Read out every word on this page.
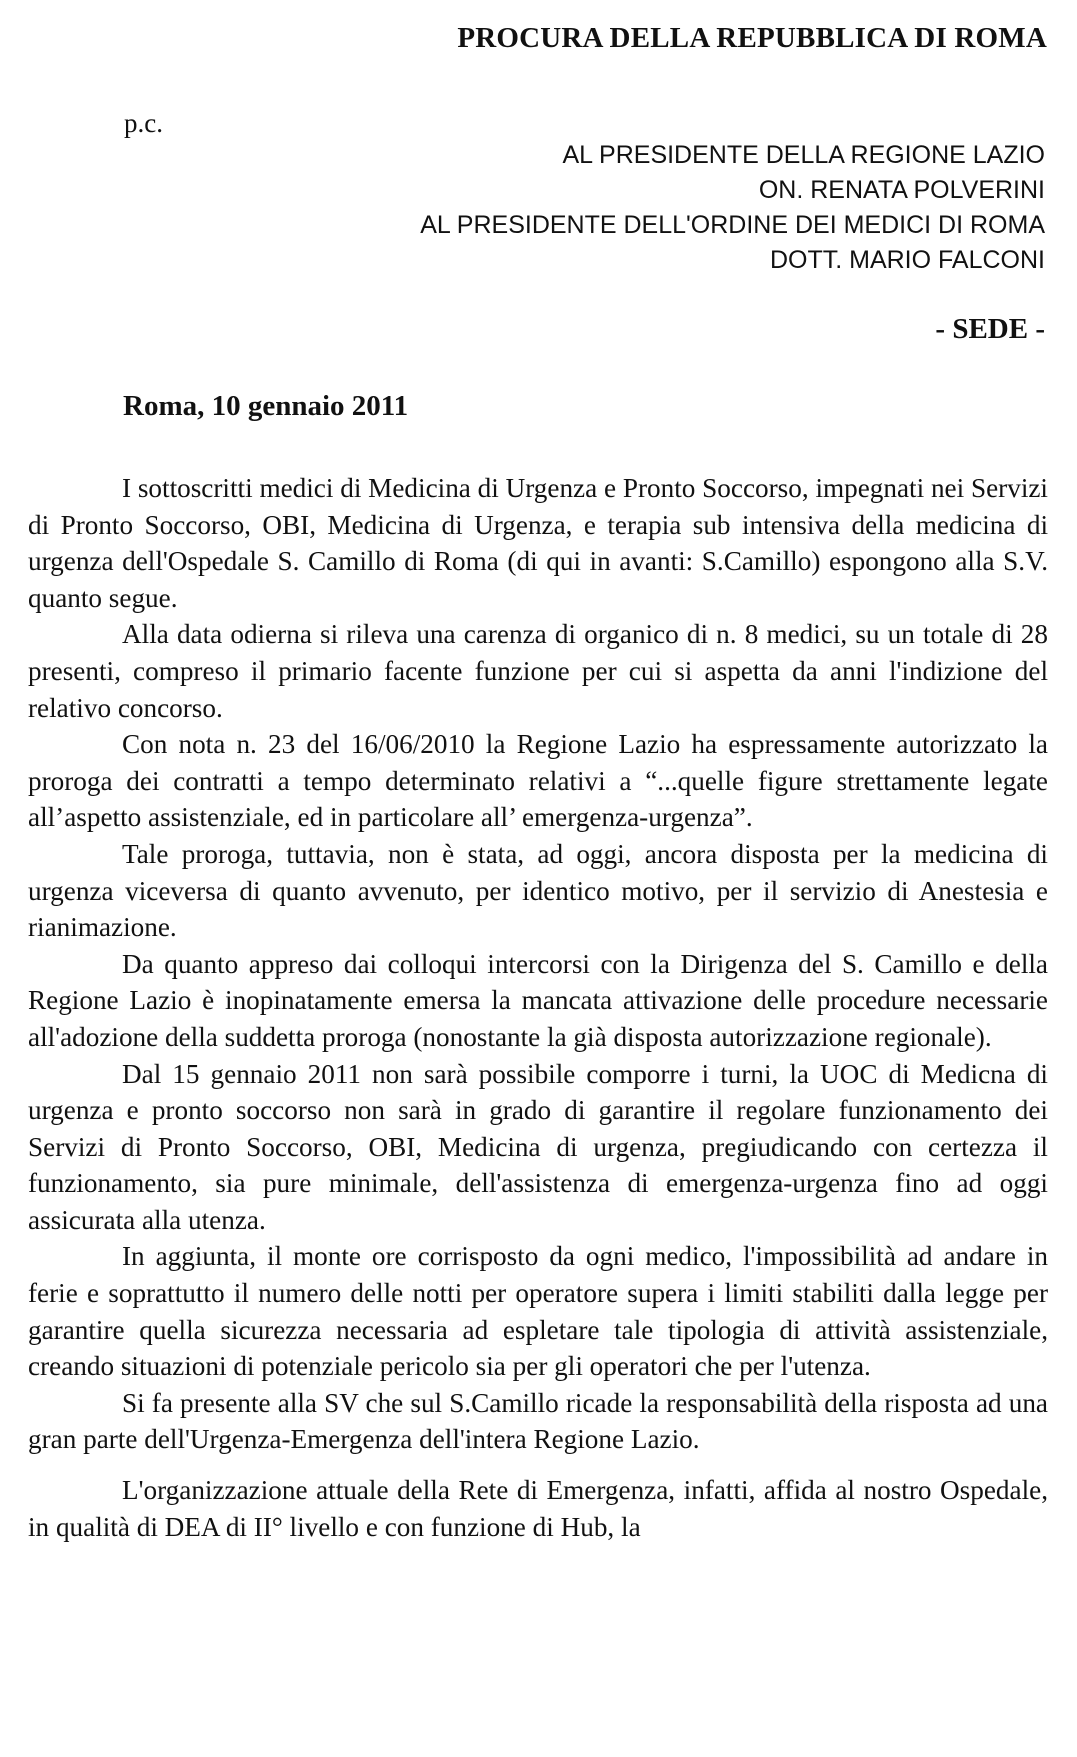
PROCURA DELLA REPUBBLICA DI ROMA
p.c.
AL PRESIDENTE DELLA REGIONE LAZIO
ON. RENATA POLVERINI
AL PRESIDENTE DELL'ORDINE DEI MEDICI DI ROMA
DOTT. MARIO FALCONI
- SEDE -
Roma, 10 gennaio 2011

I sottoscritti medici di Medicina di Urgenza e Pronto Soccorso, impegnati nei Servizi di Pronto Soccorso, OBI, Medicina di Urgenza, e terapia sub intensiva della medicina di urgenza dell'Ospedale S. Camillo di Roma (di qui in avanti: S.Camillo) espongono alla S.V. quanto segue.

Alla data odierna si rileva una carenza di organico di n. 8 medici, su un totale di 28 presenti, compreso il primario facente funzione per cui si aspetta da anni l'indizione del relativo concorso.

Con nota n. 23 del 16/06/2010 la Regione Lazio ha espressamente autorizzato la proroga dei contratti a tempo determinato relativi a “...quelle figure strettamente legate all’aspetto assistenziale, ed in particolare all’ emergenza-urgenza”.

Tale proroga, tuttavia, non è stata, ad oggi, ancora disposta per la medicina di urgenza viceversa di quanto avvenuto, per identico motivo, per il servizio di Anestesia e rianimazione.

Da quanto appreso dai colloqui intercorsi con la Dirigenza del S. Camillo e della Regione Lazio è inopinatamente emersa la mancata attivazione delle procedure necessarie all'adozione della suddetta proroga (nonostante la già disposta autorizzazione regionale).

Dal 15 gennaio 2011 non sarà possibile comporre i turni, la UOC di Medicna di urgenza e pronto soccorso non sarà in grado di garantire il regolare funzionamento dei Servizi di Pronto Soccorso, OBI, Medicina di urgenza, pregiudicando con certezza il funzionamento, sia pure minimale, dell'assistenza di emergenza-urgenza fino ad oggi assicurata alla utenza.

In aggiunta, il monte ore corrisposto da ogni medico, l'impossibilità ad andare in ferie e soprattutto il numero delle notti per operatore supera i limiti stabiliti dalla legge per garantire quella sicurezza necessaria ad espletare tale tipologia di attività assistenziale, creando situazioni di potenziale pericolo sia per gli operatori che per l'utenza.

Si fa presente alla SV che sul S.Camillo ricade la responsabilità della risposta ad una gran parte dell'Urgenza-Emergenza dell'intera Regione Lazio.

L'organizzazione attuale della Rete di Emergenza, infatti, affida al nostro Ospedale, in qualità di DEA di II° livello e con funzione di Hub, la
